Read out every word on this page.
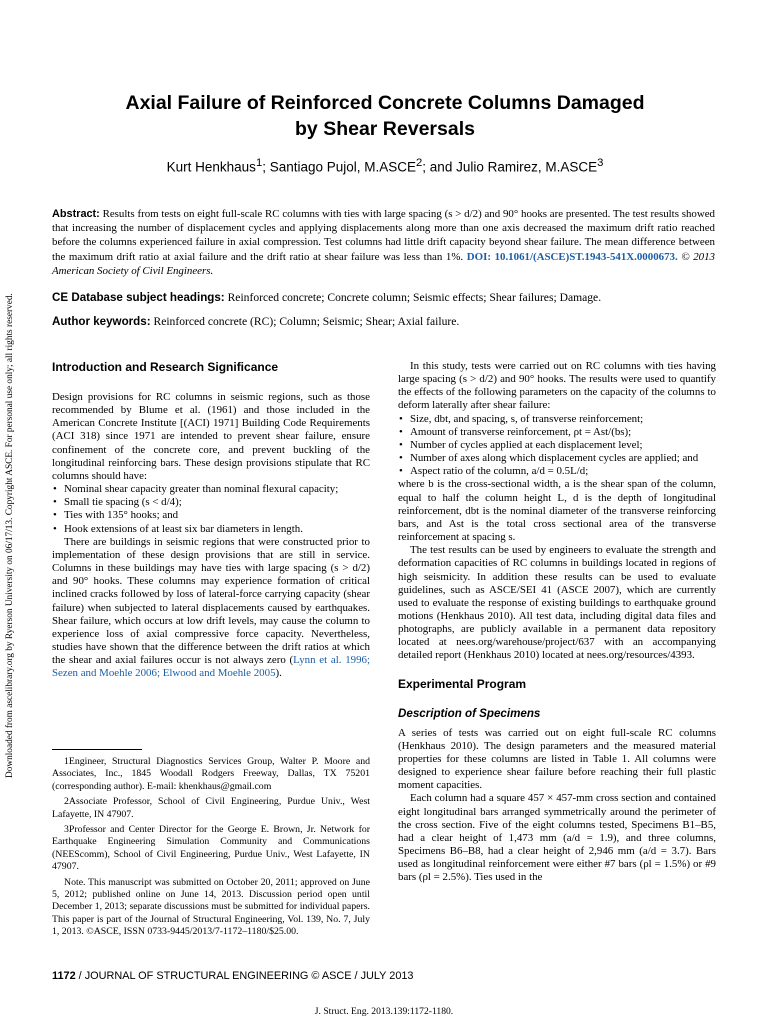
Downloaded from ascelibrary.org by Ryerson University on 06/17/13. Copyright ASCE. For personal use only; all rights reserved.
Axial Failure of Reinforced Concrete Columns Damaged
by Shear Reversals
Kurt Henkhaus$^1$; Santiago Pujol, M.ASCE$^2$; and Julio Ramirez, M.ASCE$^3$
Abstract: Results from tests on eight full-scale RC columns with ties with large spacing (s > d/2) and 90° hooks are presented. The test results showed that increasing the number of displacement cycles and applying displacements along more than one axis decreased the maximum drift ratio reached before the columns experienced failure in axial compression. Test columns had little drift capacity beyond shear failure. The mean difference between the maximum drift ratio at axial failure and the drift ratio at shear failure was less than 1%. DOI: 10.1061/(ASCE)ST.1943-541X.0000673. © 2013 American Society of Civil Engineers.
CE Database subject headings: Reinforced concrete; Concrete column; Seismic effects; Shear failures; Damage.
Author keywords: Reinforced concrete (RC); Column; Seismic; Shear; Axial failure.

Introduction and Research Significance

Design provisions for RC columns in seismic regions, such as those recommended by Blume et al. (1961) and those included in the American Concrete Institute [(ACI) 1971] Building Code Requirements (ACI 318) since 1971 are intended to prevent shear failure, ensure confinement of the concrete core, and prevent buckling of the longitudinal reinforcing bars. These design provisions stipulate that RC columns should have:

• Nominal shear capacity greater than nominal flexural capacity;
• Small tie spacing (s < d/4);
• Ties with 135° hooks; and
• Hook extensions of at least six bar diameters in length.

There are buildings in seismic regions that were constructed prior to implementation of these design provisions that are still in service. Columns in these buildings may have ties with large spacing (s > d/2) and 90° hooks. These columns may experience formation of critical inclined cracks followed by loss of lateral-force carrying capacity (shear failure) when subjected to lateral displacements caused by earthquakes. Shear failure, which occurs at low drift levels, may cause the column to experience loss of axial compressive force capacity. Nevertheless, studies have shown that the difference between the drift ratios at which the shear and axial failures occur is not always zero (Lynn et al. 1996; Sezen and Moehle 2006; Elwood and Moehle 2005).

1Engineer, Structural Diagnostics Services Group, Walter P. Moore and Associates, Inc., 1845 Woodall Rodgers Freeway, Dallas, TX 75201 (corresponding author). E-mail: khenkhaus@gmail.com

2Associate Professor, School of Civil Engineering, Purdue Univ., West Lafayette, IN 47907.

3Professor and Center Director for the George E. Brown, Jr. Network for Earthquake Engineering Simulation Community and Communications (NEEScomm), School of Civil Engineering, Purdue Univ., West Lafayette, IN 47907.

Note. This manuscript was submitted on October 20, 2011; approved on June 5, 2012; published online on June 14, 2013. Discussion period open until December 1, 2013; separate discussions must be submitted for individual papers. This paper is part of the Journal of Structural Engineering, Vol. 139, No. 7, July 1, 2013. ©ASCE, ISSN 0733-9445/2013/7-1172–1180/$25.00.

In this study, tests were carried out on RC columns with ties having large spacing (s > d/2) and 90° hooks. The results were used to quantify the effects of the following parameters on the capacity of the columns to deform laterally after shear failure:

• Size, dbt, and spacing, s, of transverse reinforcement;
• Amount of transverse reinforcement, ρt = Ast/(bs);
• Number of cycles applied at each displacement level;
• Number of axes along which displacement cycles are applied; and
• Aspect ratio of the column, a/d = 0.5L/d;

where b is the cross-sectional width, a is the shear span of the column, equal to half the column height L, d is the depth of longitudinal reinforcement, dbt is the nominal diameter of the transverse reinforcing bars, and Ast is the total cross sectional area of the transverse reinforcement at spacing s.

The test results can be used by engineers to evaluate the strength and deformation capacities of RC columns in buildings located in regions of high seismicity. In addition these results can be used to evaluate guidelines, such as ASCE/SEI 41 (ASCE 2007), which are currently used to evaluate the response of existing buildings to earthquake ground motions (Henkhaus 2010). All test data, including digital data files and photographs, are publicly available in a permanent data repository located at nees.org/warehouse/project/637 with an accompanying detailed report (Henkhaus 2010) located at nees.org/resources/4393.

Experimental Program

Description of Specimens

A series of tests was carried out on eight full-scale RC columns (Henkhaus 2010). The design parameters and the measured material properties for these columns are listed in Table 1. All columns were designed to experience shear failure before reaching their full plastic moment capacities.

Each column had a square 457 × 457-mm cross section and contained eight longitudinal bars arranged symmetrically around the perimeter of the cross section. Five of the eight columns tested, Specimens B1–B5, had a clear height of 1,473 mm (a/d = 1.9), and three columns, Specimens B6–B8, had a clear height of 2,946 mm (a/d = 3.7). Bars used as longitudinal reinforcement were either #7 bars (ρl = 1.5%) or #9 bars (ρl = 2.5%). Ties used in the

1172 / JOURNAL OF STRUCTURAL ENGINEERING © ASCE / JULY 2013
J. Struct. Eng. 2013.139:1172-1180.
